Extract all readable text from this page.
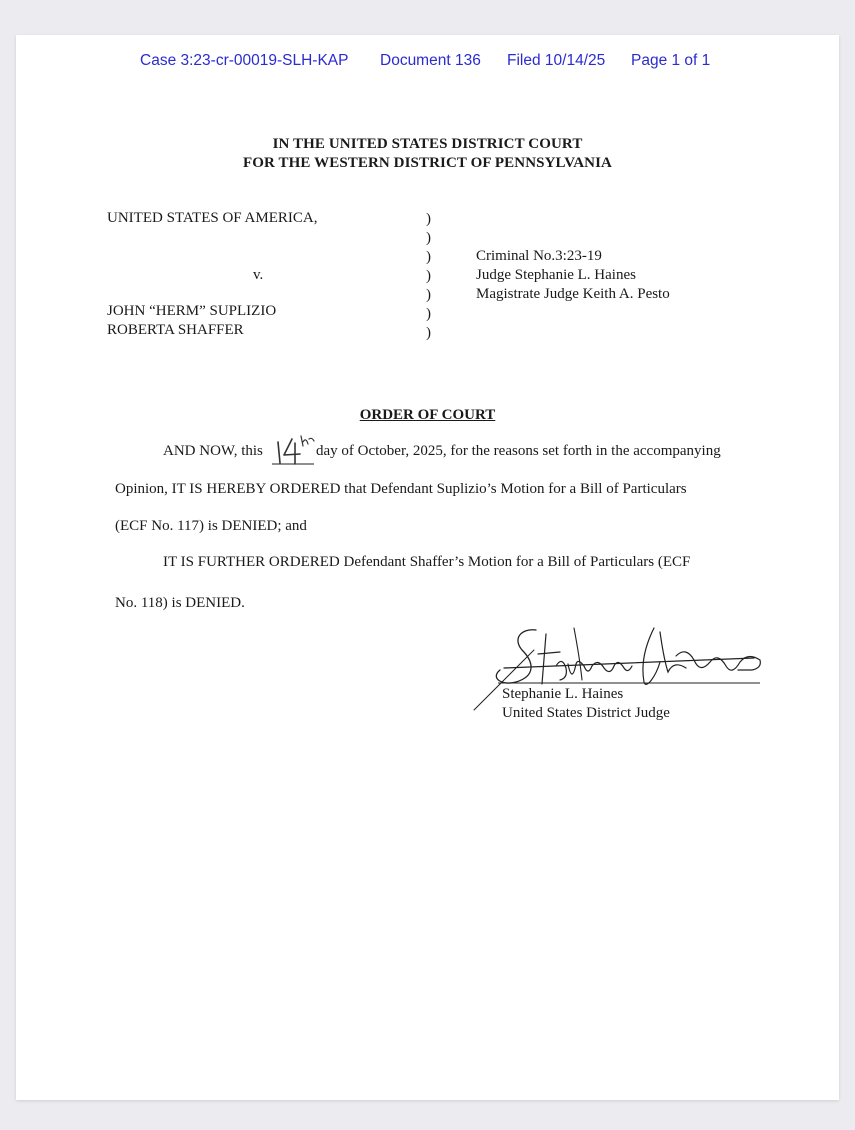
Case 3:23-cr-00019-SLH-KAP Document 136 Filed 10/14/25 Page 1 of 1
IN THE UNITED STATES DISTRICT COURT
FOR THE WESTERN DISTRICT OF PENNSYLVANIA
UNITED STATES OF AMERICA,
v.
JOHN “HERM” SUPLIZIO
ROBERTA SHAFFER
)
)
)
)
)
)
)
Criminal No.3:23-19
Judge Stephanie L. Haines
Magistrate Judge Keith A. Pesto
ORDER OF COURT
AND NOW, this	day of October, 2025, for the reasons set forth in the accompanying
Opinion, IT IS HEREBY ORDERED that Defendant Suplizio’s Motion for a Bill of Particulars
(ECF No. 117) is DENIED; and
IT IS FURTHER ORDERED Defendant Shaffer’s Motion for a Bill of Particulars (ECF
No. 118) is DENIED.
Stephanie L. Haines
United States District Judge
